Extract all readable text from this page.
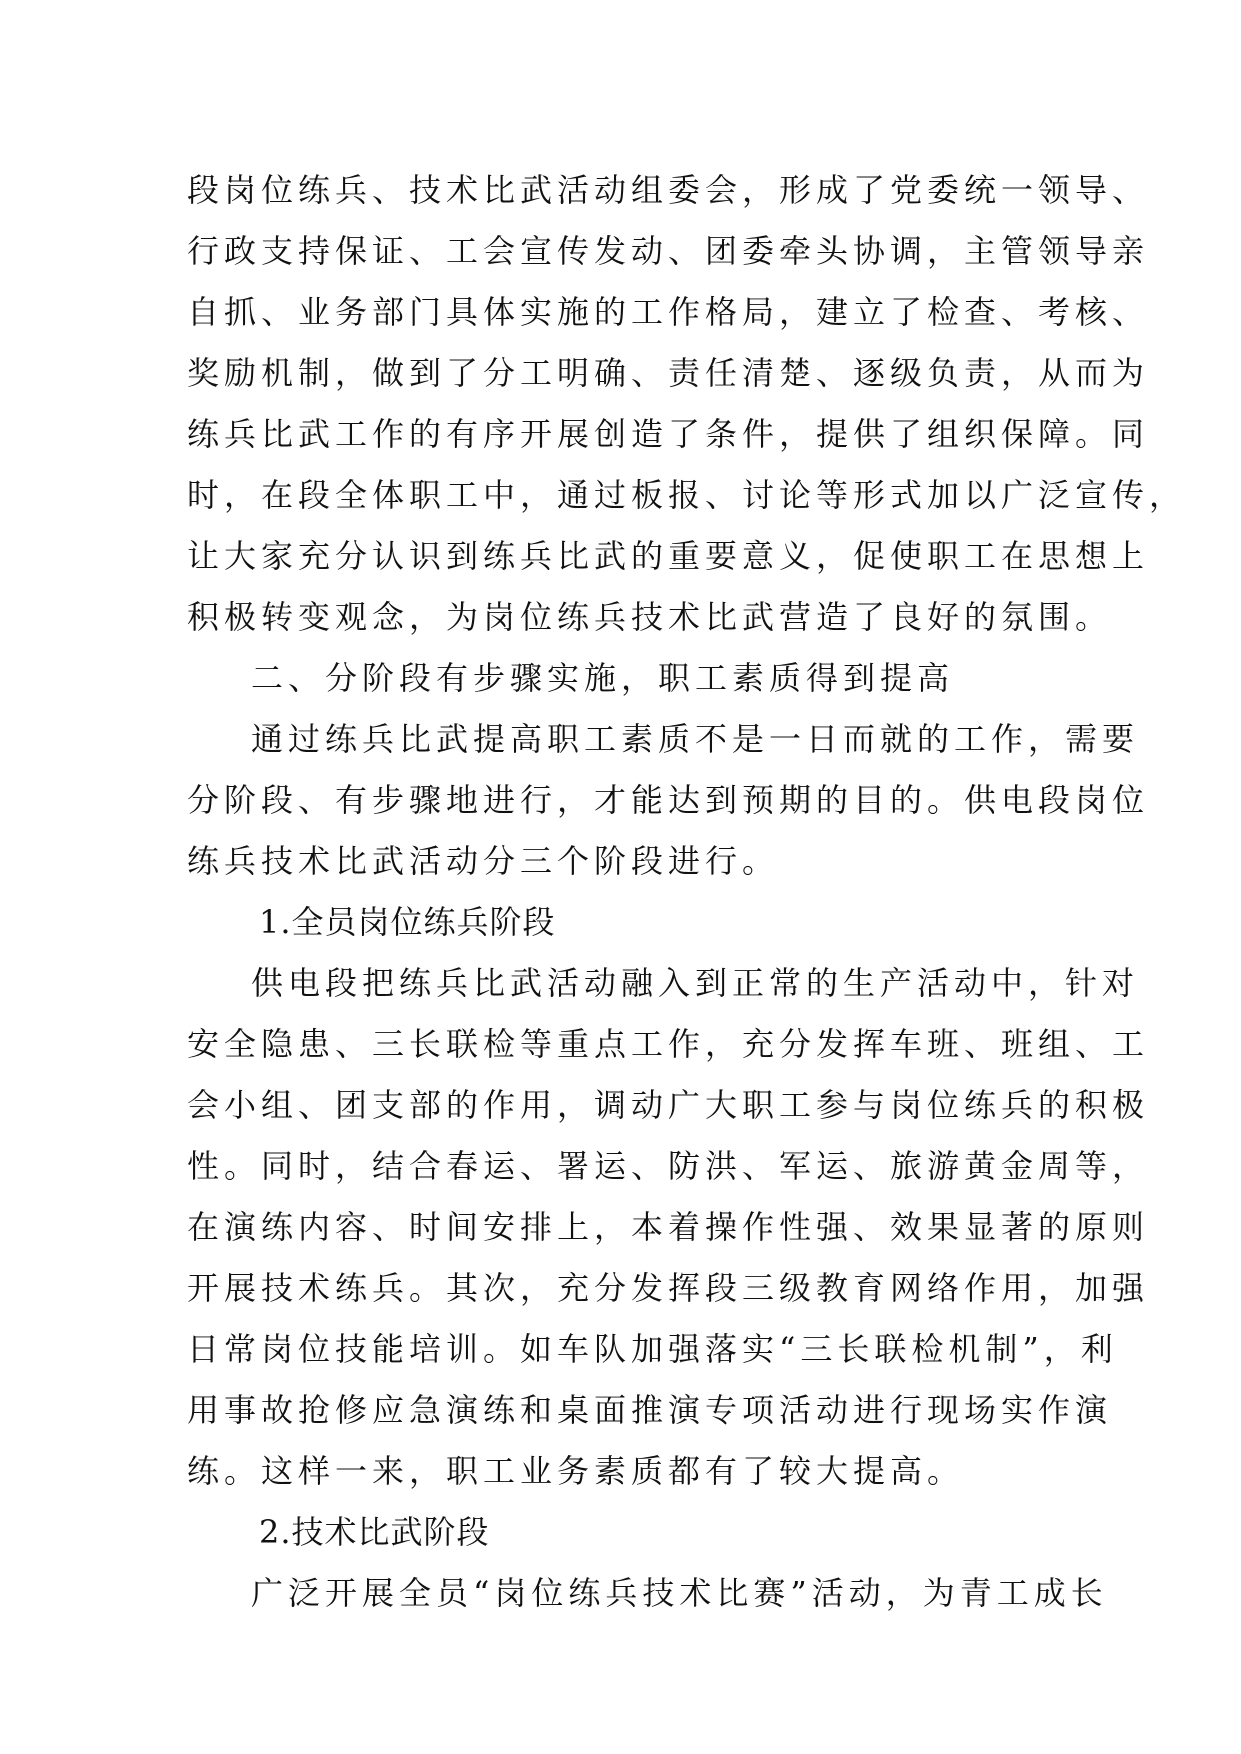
段岗位练兵、技术比武活动组委会，形成了党委统一领导、
行政支持保证、工会宣传发动、团委牵头协调，主管领导亲
自抓、业务部门具体实施的工作格局，建立了检查、考核、
奖励机制，做到了分工明确、责任清楚、逐级负责，从而为
练兵比武工作的有序开展创造了条件，提供了组织保障。同
时，在段全体职工中，通过板报、讨论等形式加以广泛宣传，
让大家充分认识到练兵比武的重要意义，促使职工在思想上
积极转变观念，为岗位练兵技术比武营造了良好的氛围。
二、分阶段有步骤实施，职工素质得到提高
通过练兵比武提高职工素质不是一日而就的工作，需要
分阶段、有步骤地进行，才能达到预期的目的。供电段岗位
练兵技术比武活动分三个阶段进行。
1.全员岗位练兵阶段
供电段把练兵比武活动融入到正常的生产活动中，针对
安全隐患、三长联检等重点工作，充分发挥车班、班组、工
会小组、团支部的作用，调动广大职工参与岗位练兵的积极
性。同时，结合春运、署运、防洪、军运、旅游黄金周等，
在演练内容、时间安排上，本着操作性强、效果显著的原则
开展技术练兵。其次，充分发挥段三级教育网络作用，加强
日常岗位技能培训。如车队加强落实“三长联检机制”，利
用事故抢修应急演练和桌面推演专项活动进行现场实作演
练。这样一来，职工业务素质都有了较大提高。
2.技术比武阶段
广泛开展全员“岗位练兵技术比赛”活动，为青工成长
